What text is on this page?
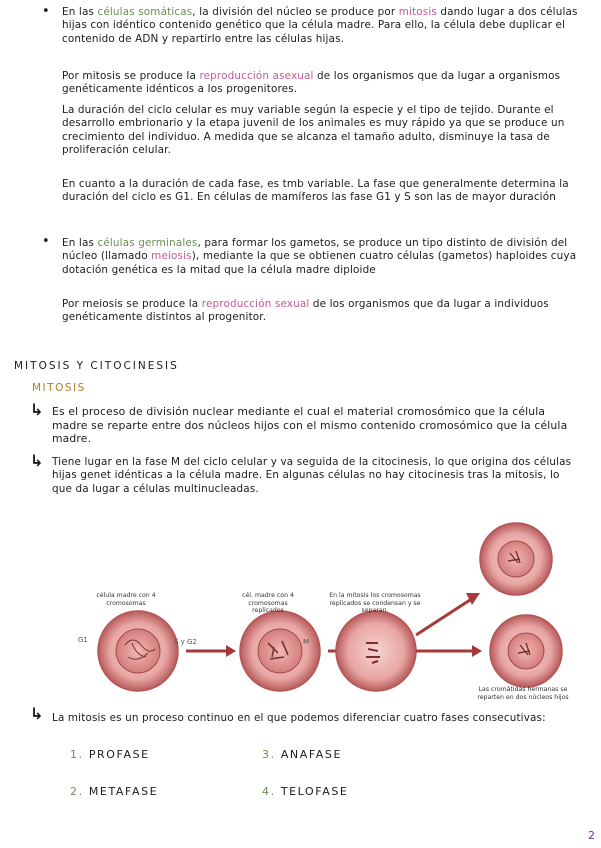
• En las células somáticas, la división del núcleo se produce por mitosis dando lugar a dos células hijas con idéntico contenido genético que la célula madre. Para ello, la célula debe duplicar el contenido de ADN y repartirlo entre las células hijas.

Por mitosis se produce la reproducción asexual de los organismos que da lugar a organismos genéticamente idénticos a los progenitores.

La duración del ciclo celular es muy variable según la especie y el tipo de tejido. Durante el desarrollo embrionario y la etapa juvenil de los animales es muy rápido ya que se produce un crecimiento del individuo. A medida que se alcanza el tamaño adulto, disminuye la tasa de proliferación celular.

En cuanto a la duración de cada fase, es tmb variable. La fase que generalmente determina la duración del ciclo es G1. En células de mamíferos las fase G1 y S son las de mayor duración

• En las células germinales, para formar los gametos, se produce un tipo distinto de división del núcleo (llamado meiosis), mediante la que se obtienen cuatro células (gametos) haploides cuya dotación genética es la mitad que la célula madre diploide

Por meiosis se produce la reproducción sexual de los organismos que da lugar a individuos genéticamente distintos al progenitor.

MITOSIS Y CITOCINESIS
MITOSIS
↳ Es el proceso de división nuclear mediante el cual el material cromosómico que la célula madre se reparte entre dos núcleos hijos con el mismo contenido cromosómico que la célula madre.

↳ Tiene lugar en la fase M del ciclo celular y va seguida de la citocinesis, lo que origina dos células hijas genet idénticas a la célula madre. En algunas células no hay citocinesis tras la mitosis, lo que da lugar a células multinucleadas.

célula madre con 4 cromosomas
cél. madre con 4 cromosomas replicados
En la mitosis los cromosomas replicados se condensan y se separan.
Las cromátidas hermanas se reparten en dos núcleos hijos
G1	S y G2	M
↳ La mitosis es un proceso continuo en el que podemos diferenciar cuatro fases consecutivas:

1. PROFASE
2. METAFASE
3. ANAFASE
4. TELOFASE
2
